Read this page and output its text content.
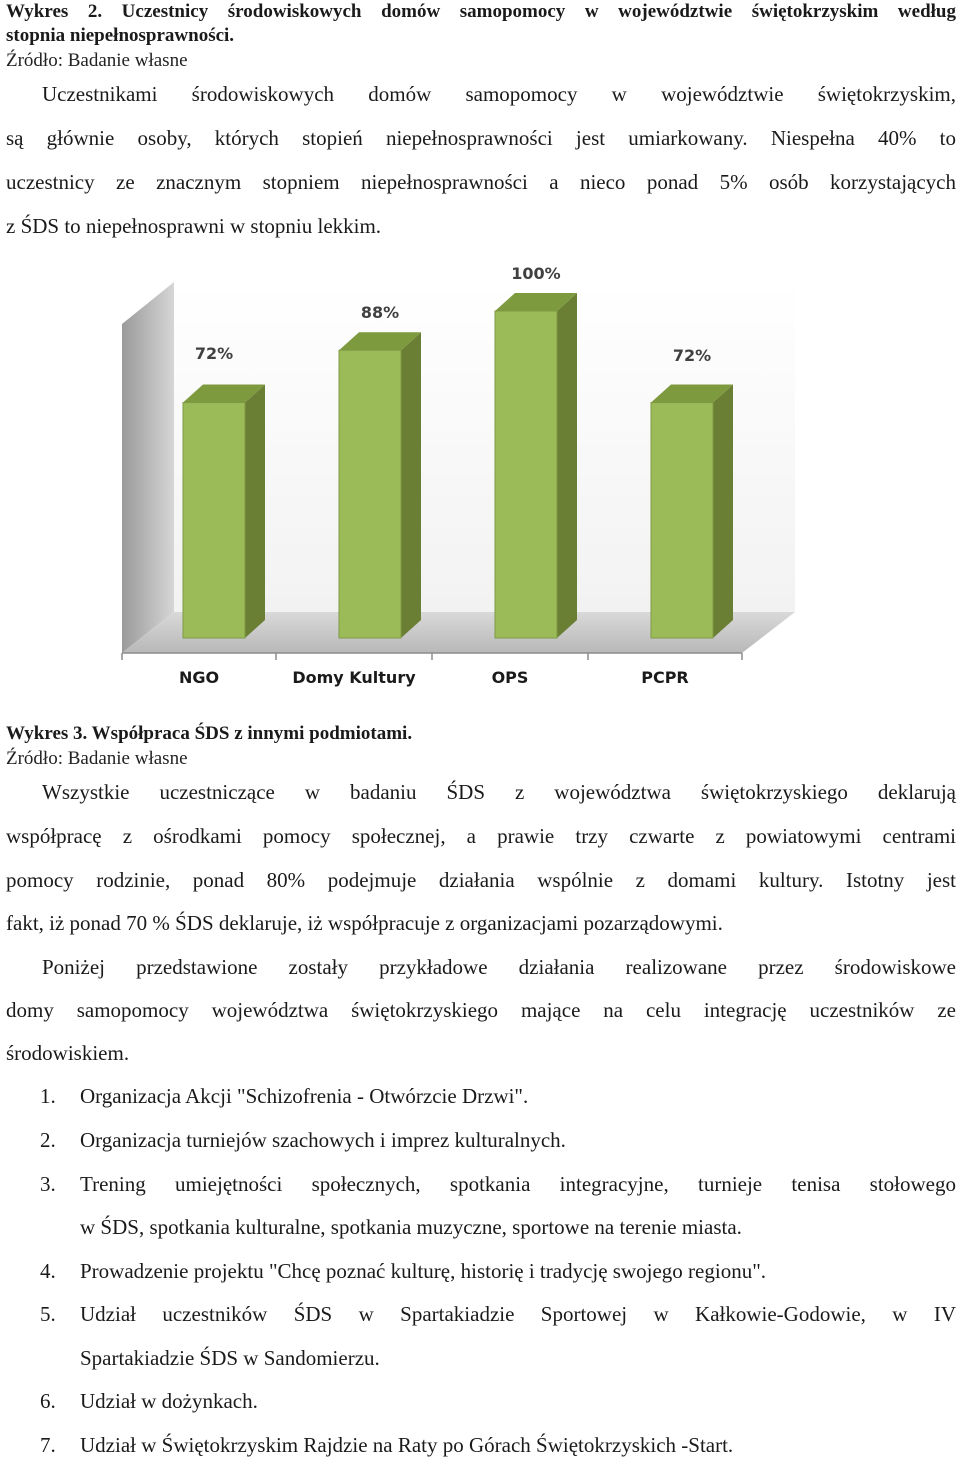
Wykres 2. Uczestnicy środowiskowych domów samopomocy w województwie świętokrzyskim według
stopnia niepełnosprawności.
Źródło: Badanie własne
Uczestnikami środowiskowych domów samopomocy w województwie świętokrzyskim,
są głównie osoby, których stopień niepełnosprawności jest umiarkowany. Niespełna 40% to
uczestnicy ze znacznym stopniem niepełnosprawności a nieco ponad 5% osób korzystających
z ŚDS to niepełnosprawni w stopniu lekkim.
72%
88%
100%
72%
NGO	Domy Kultury	OPS	PCPR
Wykres 3. Współpraca ŚDS z innymi podmiotami.
Źródło: Badanie własne
Wszystkie uczestniczące w badaniu ŚDS z województwa świętokrzyskiego deklarują
współpracę z ośrodkami pomocy społecznej, a prawie trzy czwarte z powiatowymi centrami
pomocy rodzinie, ponad 80% podejmuje działania wspólnie z domami kultury. Istotny jest
fakt, iż ponad 70 % ŚDS deklaruje, iż współpracuje z organizacjami pozarządowymi.
Poniżej przedstawione zostały przykładowe działania realizowane przez środowiskowe
domy samopomocy województwa świętokrzyskiego mające na celu integrację uczestników ze
środowiskiem.
1. Organizacja Akcji "Schizofrenia - Otwórzcie Drzwi".
2. Organizacja turniejów szachowych i imprez kulturalnych.
3. Trening umiejętności społecznych, spotkania integracyjne, turnieje tenisa stołowego
w ŚDS, spotkania kulturalne, spotkania muzyczne, sportowe na terenie miasta.
4. Prowadzenie projektu "Chcę poznać kulturę, historię i tradycję swojego regionu".
5. Udział uczestników ŚDS w Spartakiadzie Sportowej w Kałkowie-Godowie, w IV
Spartakiadzie ŚDS w Sandomierzu.
6. Udział w dożynkach.
7. Udział w Świętokrzyskim Rajdzie na Raty po Górach Świętokrzyskich -Start.
